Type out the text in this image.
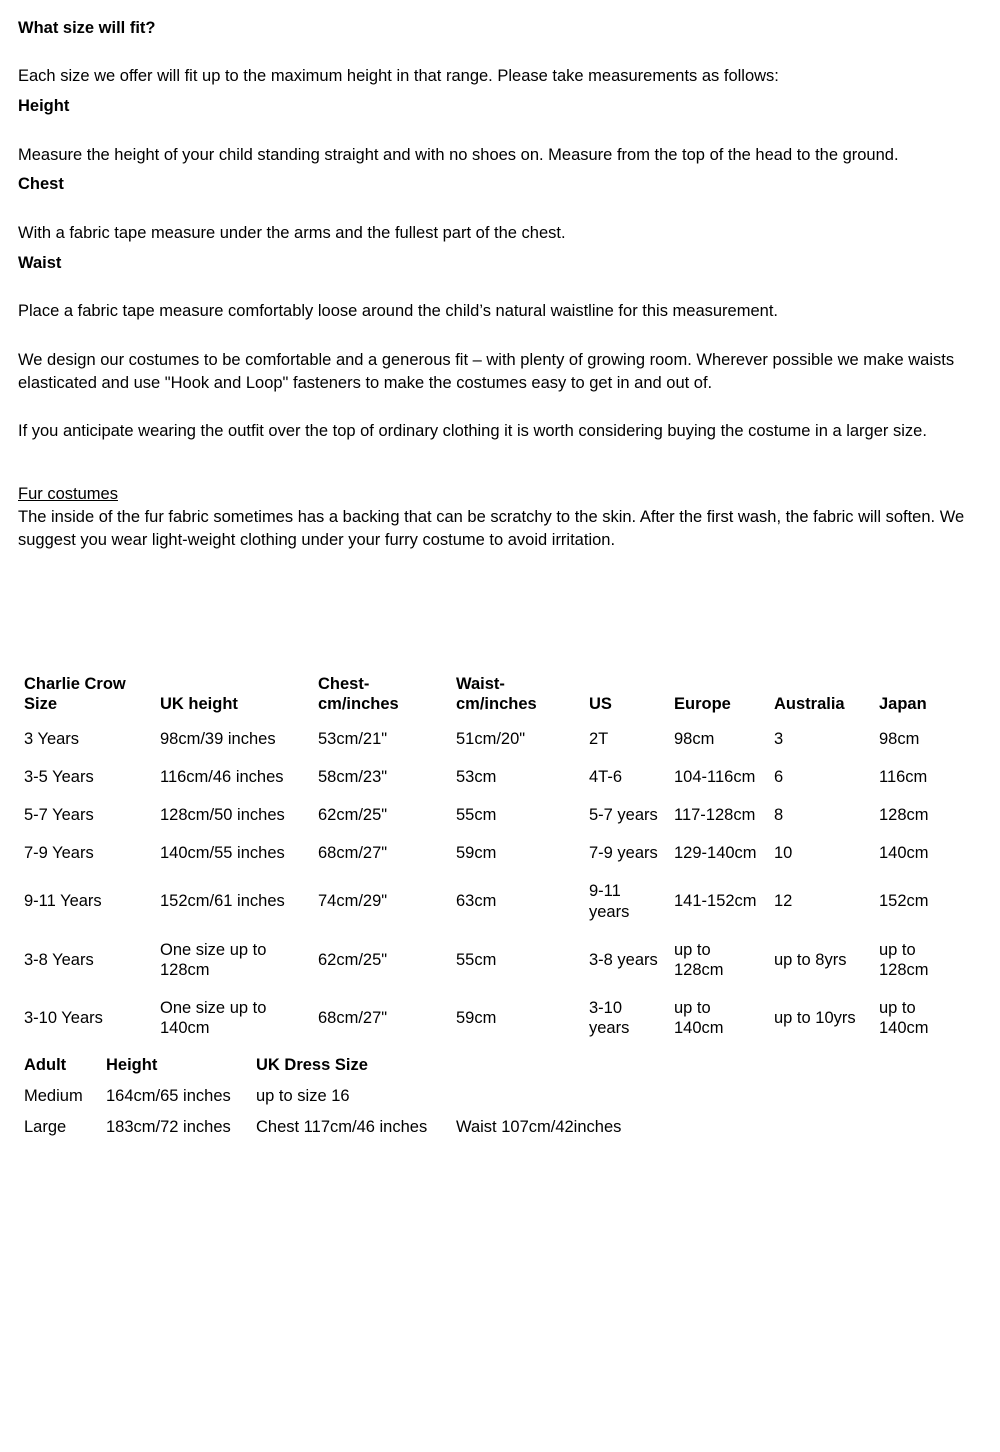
What size will fit?

Each size we offer will fit up to the maximum height in that range. Please take measurements as follows:

Height

Measure the height of your child standing straight and with no shoes on. Measure from the top of the head to the ground.

Chest

With a fabric tape measure under the arms and the fullest part of the chest.

Waist

Place a fabric tape measure comfortably loose around the child’s natural waistline for this measurement.

We design our costumes to be comfortable and a generous fit – with plenty of growing room. Wherever possible we make waists elasticated and use "Hook and Loop" fasteners to make the costumes easy to get in and out of.

If you anticipate wearing the outfit over the top of ordinary clothing it is worth considering buying the costume in a larger size.

Fur costumes

The inside of the fur fabric sometimes has a backing that can be scratchy to the skin. After the first wash, the fabric will soften. We suggest you wear light-weight clothing under your furry costume to avoid irritation.

Charlie Crow Size	UK height	Chest-cm/inches	Waist-cm/inches	US	Europe	Australia	Japan
3 Years	98cm/39 inches	53cm/21"	51cm/20"	2T	98cm	3	98cm
3-5 Years	116cm/46 inches	58cm/23"	53cm	4T-6	104-116cm	6	116cm
5-7 Years	128cm/50 inches	62cm/25"	55cm	5-7 years	117-128cm	8	128cm
7-9 Years	140cm/55 inches	68cm/27"	59cm	7-9 years	129-140cm	10	140cm
9-11 Years	152cm/61 inches	74cm/29"	63cm	9-11 years	141-152cm	12	152cm
3-8 Years	One size up to 128cm	62cm/25"	55cm	3-8 years	up to 128cm	up to 8yrs	up to 128cm
3-10 Years	One size up to 140cm	68cm/27"	59cm	3-10 years	up to 140cm	up to 10yrs	up to 140cm
Adult	Height	UK Dress Size	
Medium	164cm/65 inches	up to size 16	
Large	183cm/72 inches	Chest 117cm/46 inches	Waist 107cm/42inches
